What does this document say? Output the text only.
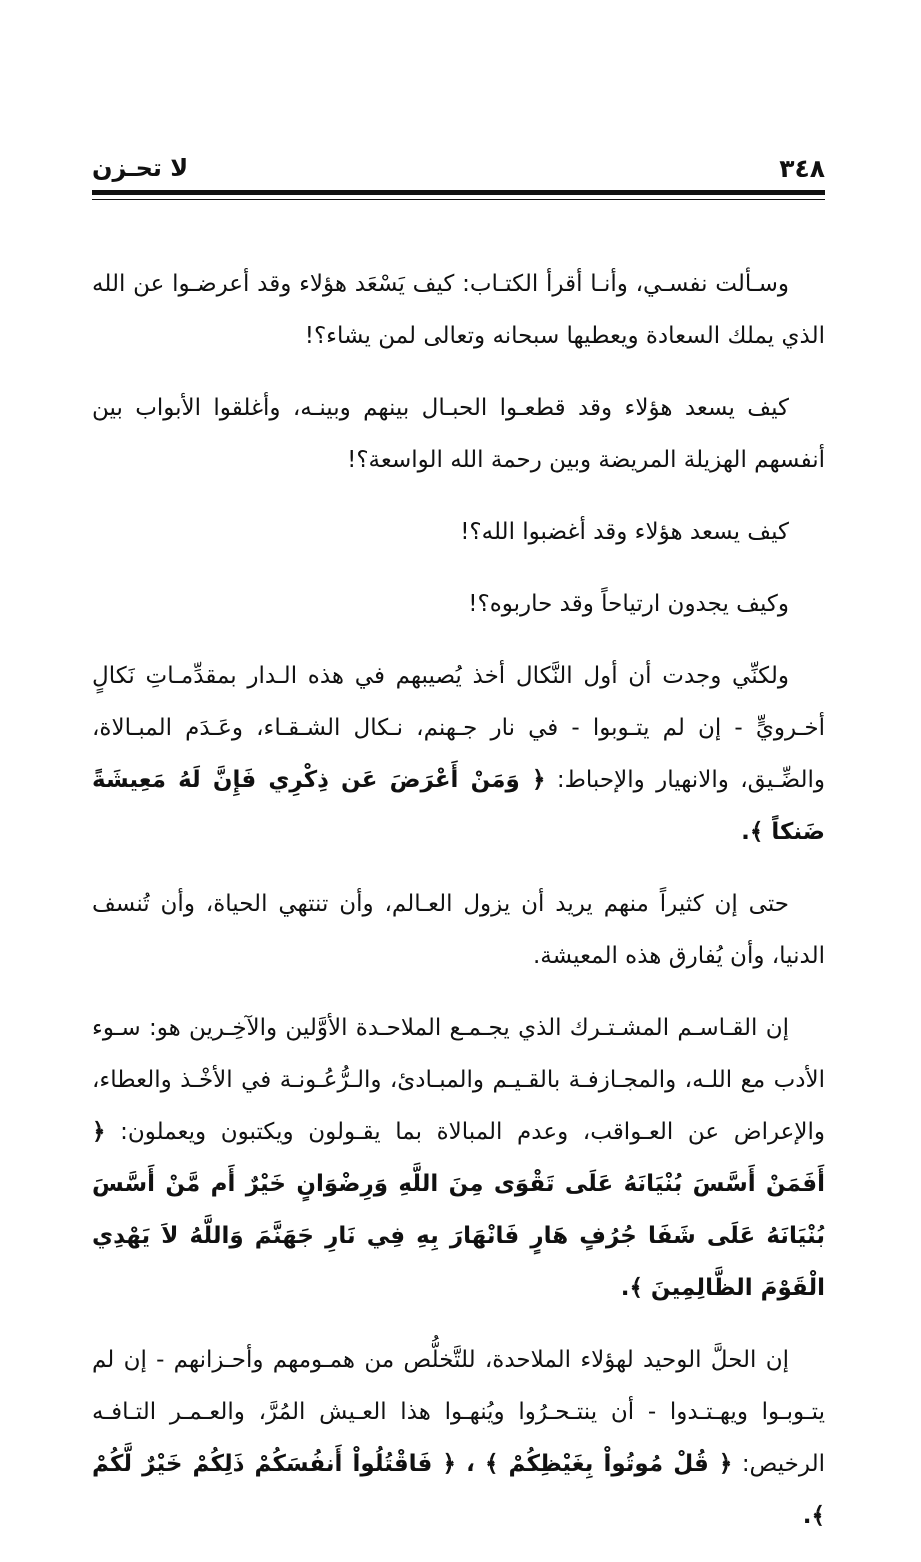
٣٤٨
لا تحـزن

وسـألت نفسـي، وأنـا أقرأ الكتـاب: كيف يَسْعَد هؤلاء وقد أعرضـوا عن الله الذي يملك السعادة ويعطيها سبحانه وتعالى لمن يشاء؟!

كيف يسعد هؤلاء وقد قطعـوا الحبـال بينهم وبينـه، وأغلقوا الأبواب بين أنفسهم الهزيلة المريضة وبين رحمة الله الواسعة؟!

كيف يسعد هؤلاء وقد أغضبوا الله؟!

وكيف يجدون ارتياحاً وقد حاربوه؟!

ولكنِّي وجدت أن أول النَّكال أخذ يُصيبهم في هذه الـدار بمقدِّمـاتِ نَكالٍ أخـرويٍّ - إن لم يتـوبوا - في نار جـهنم، نـكال الشـقـاء، وعَـدَم المبـالاة، والضِّـيق، والانهيار والإحباط: ﴿ وَمَنْ أَعْرَضَ عَن ذِكْرِي فَإِنَّ لَهُ مَعِيشَةً ضَنكاً ﴾.

حتى إن كثيراً منهم يريد أن يزول العـالم، وأن تنتهي الحياة، وأن تُنسف الدنيا، وأن يُفارق هذه المعيشة.

إن القـاسـم المشـتـرك الذي يجـمـع الملاحـدة الأوَّلين والآخِـرين هو: سـوء الأدب مع اللـه، والمجـازفـة بالقـيـم والمبـادئ، والـرُّعُـونـة في الأخْـذ والعطاء، والإعراض عن العـواقب، وعدم المبالاة بما يقـولون ويكتبون ويعملون: ﴿ أَفَمَنْ أَسَّسَ بُنْيَانَهُ عَلَى تَقْوَى مِنَ اللَّهِ وَرِضْوَانٍ خَيْرٌ أَم مَّنْ أَسَّسَ بُنْيَانَهُ عَلَى شَفَا جُرُفٍ هَارٍ فَانْهَارَ بِهِ فِي نَارِ جَهَنَّمَ وَاللَّهُ لاَ يَهْدِي الْقَوْمَ الظَّالِمِينَ ﴾.

إن الحلَّ الوحيد لهؤلاء الملاحدة، للتَّخلُّص من همـومهم وأحـزانهم - إن لم يتـوبـوا ويهـتـدوا - أن ينتـحـرُوا ويُنهـوا هذا العـيش المُرَّ، والعـمـر التـافـه الرخيص: ﴿ قُلْ مُوتُواْ بِغَيْظِكُمْ ﴾ ، ﴿ فَاقْتُلُواْ أَنفُسَكُمْ ذَلِكُمْ خَيْرٌ لَّكُمْ ﴾.
